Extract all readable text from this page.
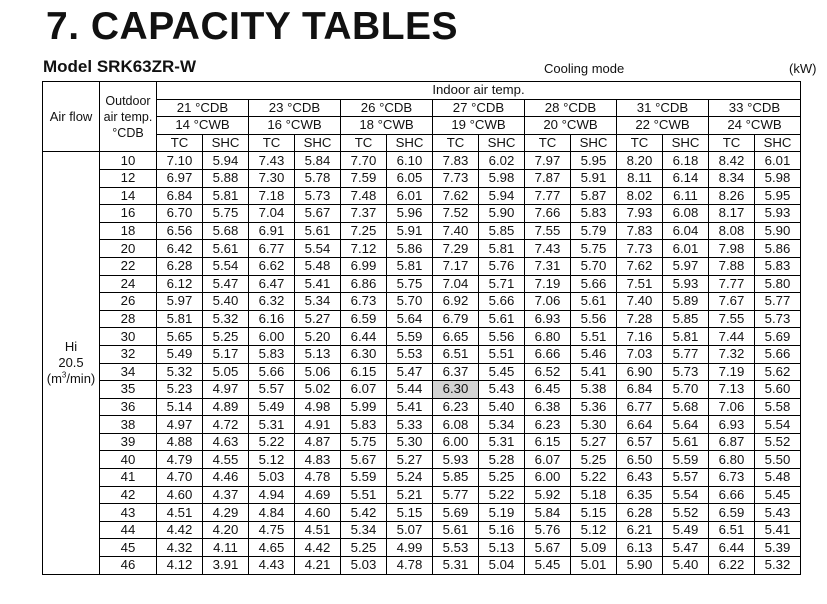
7. CAPACITY TABLES
Model SRK63ZR-W	Cooling mode	(kW)
Air flow	Outdoor
air temp.
°CDB	Indoor air temp.													
		21 °CDB		23 °CDB		26 °CDB		27 °CDB		28 °CDB		31 °CDB		33 °CDB	
		14 °CWB		16 °CWB		18 °CWB		19 °CWB		20 °CWB		22 °CWB		24 °CWB	
		TC	SHC	TC	SHC	TC	SHC	TC	SHC	TC	SHC	TC	SHC	TC	SHC
Hi
20.5
$(m^3/\min)$	10	7.10	5.94	7.43	5.84	7.70	6.10	7.83	6.02	7.97	5.95	8.20	6.18	8.42	6.01
	12	6.97	5.88	7.30	5.78	7.59	6.05	7.73	5.98	7.87	5.91	8.11	6.14	8.34	5.98
	14	6.84	5.81	7.18	5.73	7.48	6.01	7.62	5.94	7.77	5.87	8.02	6.11	8.26	5.95
	16	6.70	5.75	7.04	5.67	7.37	5.96	7.52	5.90	7.66	5.83	7.93	6.08	8.17	5.93
	18	6.56	5.68	6.91	5.61	7.25	5.91	7.40	5.85	7.55	5.79	7.83	6.04	8.08	5.90
	20	6.42	5.61	6.77	5.54	7.12	5.86	7.29	5.81	7.43	5.75	7.73	6.01	7.98	5.86
	22	6.28	5.54	6.62	5.48	6.99	5.81	7.17	5.76	7.31	5.70	7.62	5.97	7.88	5.83
	24	6.12	5.47	6.47	5.41	6.86	5.75	7.04	5.71	7.19	5.66	7.51	5.93	7.77	5.80
	26	5.97	5.40	6.32	5.34	6.73	5.70	6.92	5.66	7.06	5.61	7.40	5.89	7.67	5.77
	28	5.81	5.32	6.16	5.27	6.59	5.64	6.79	5.61	6.93	5.56	7.28	5.85	7.55	5.73
	30	5.65	5.25	6.00	5.20	6.44	5.59	6.65	5.56	6.80	5.51	7.16	5.81	7.44	5.69
	32	5.49	5.17	5.83	5.13	6.30	5.53	6.51	5.51	6.66	5.46	7.03	5.77	7.32	5.66
	34	5.32	5.05	5.66	5.06	6.15	5.47	6.37	5.45	6.52	5.41	6.90	5.73	7.19	5.62
	35	5.23	4.97	5.57	5.02	6.07	5.44	6.30	5.43	6.45	5.38	6.84	5.70	7.13	5.60
	36	5.14	4.89	5.49	4.98	5.99	5.41	6.23	5.40	6.38	5.36	6.77	5.68	7.06	5.58
	38	4.97	4.72	5.31	4.91	5.83	5.33	6.08	5.34	6.23	5.30	6.64	5.64	6.93	5.54
	39	4.88	4.63	5.22	4.87	5.75	5.30	6.00	5.31	6.15	5.27	6.57	5.61	6.87	5.52
	40	4.79	4.55	5.12	4.83	5.67	5.27	5.93	5.28	6.07	5.25	6.50	5.59	6.80	5.50
	41	4.70	4.46	5.03	4.78	5.59	5.24	5.85	5.25	6.00	5.22	6.43	5.57	6.73	5.48
	42	4.60	4.37	4.94	4.69	5.51	5.21	5.77	5.22	5.92	5.18	6.35	5.54	6.66	5.45
	43	4.51	4.29	4.84	4.60	5.42	5.15	5.69	5.19	5.84	5.15	6.28	5.52	6.59	5.43
	44	4.42	4.20	4.75	4.51	5.34	5.07	5.61	5.16	5.76	5.12	6.21	5.49	6.51	5.41
	45	4.32	4.11	4.65	4.42	5.25	4.99	5.53	5.13	5.67	5.09	6.13	5.47	6.44	5.39
	46	4.12	3.91	4.43	4.21	5.03	4.78	5.31	5.04	5.45	5.01	5.90	5.40	6.22	5.32
